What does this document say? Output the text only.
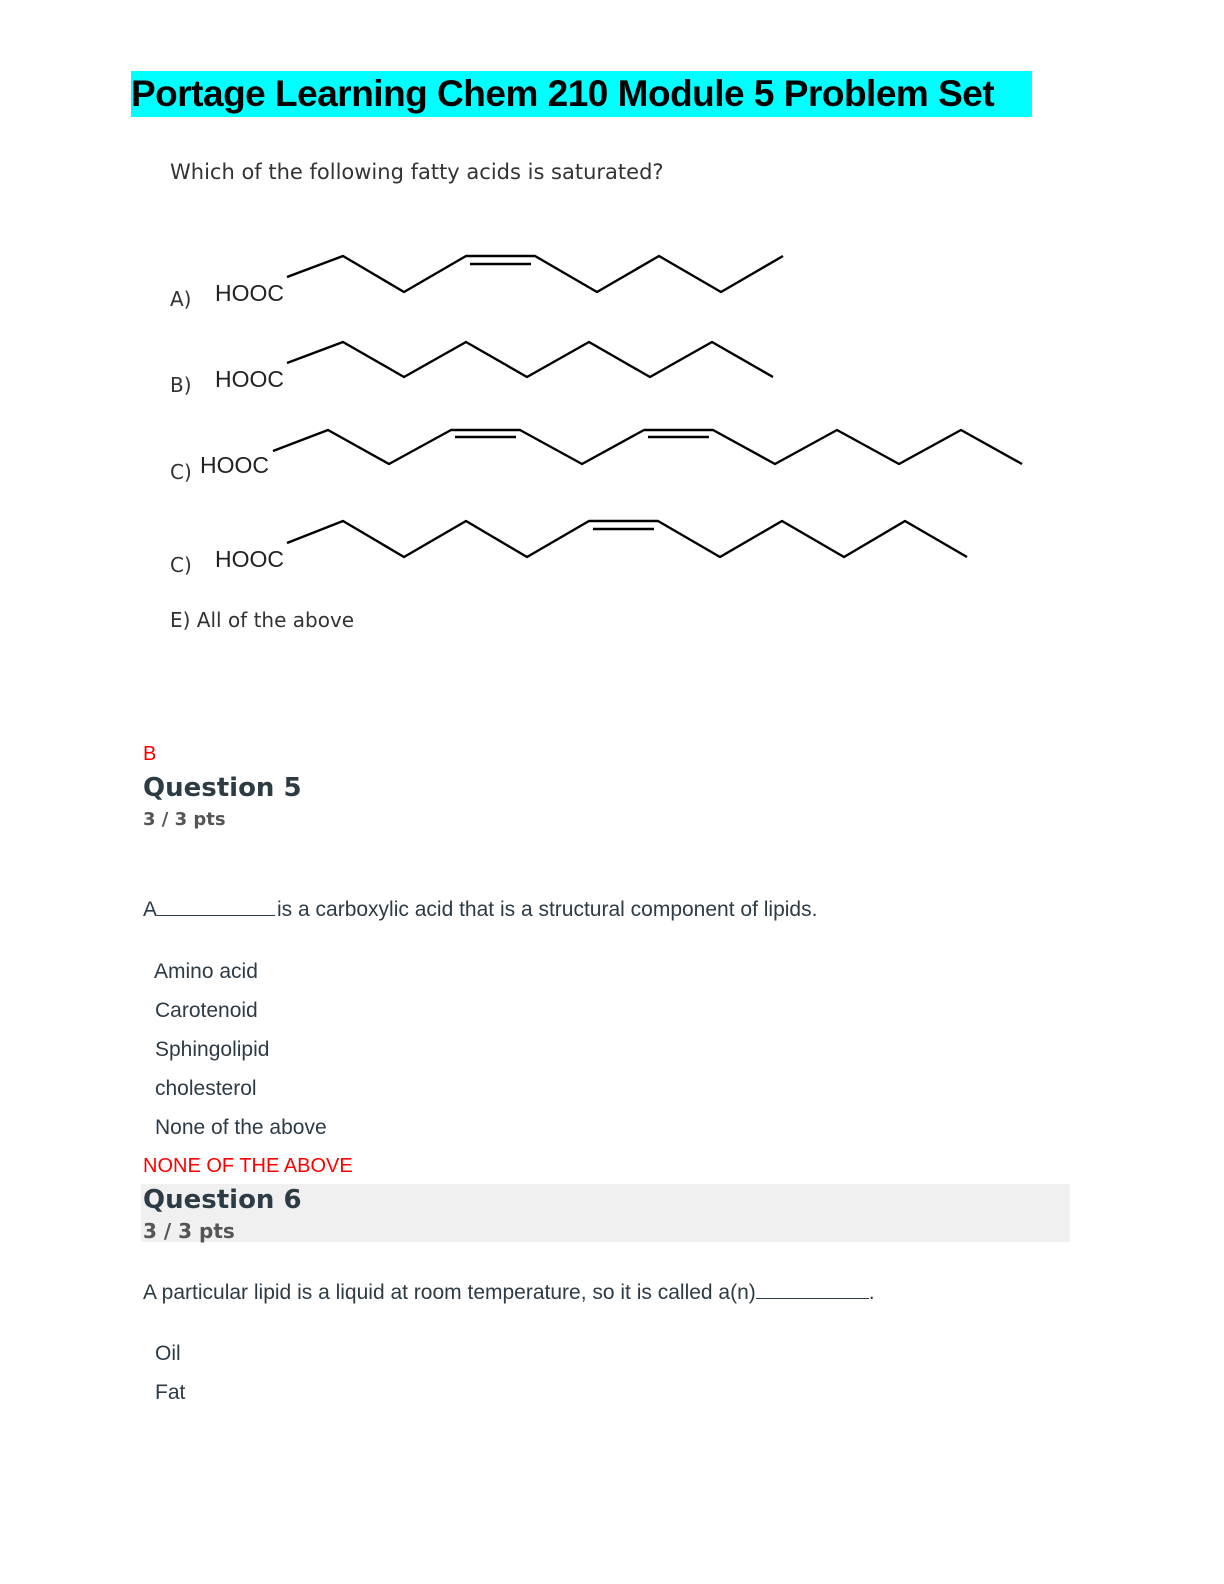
Portage Learning Chem 210 Module 5 Problem Set
Which of the following fatty acids is saturated?
A) HOOC
B) HOOC
C) HOOC
C) HOOC
E) All of the above
B
Question 5
3 / 3 pts
A	is a carboxylic acid that is a structural component of lipids.
Amino acid
Carotenoid
Sphingolipid
cholesterol
None of the above
NONE OF THE ABOVE
Question 6
3 / 3 pts
A particular lipid is a liquid at room temperature, so it is called a(n)	.
Oil
Fat
